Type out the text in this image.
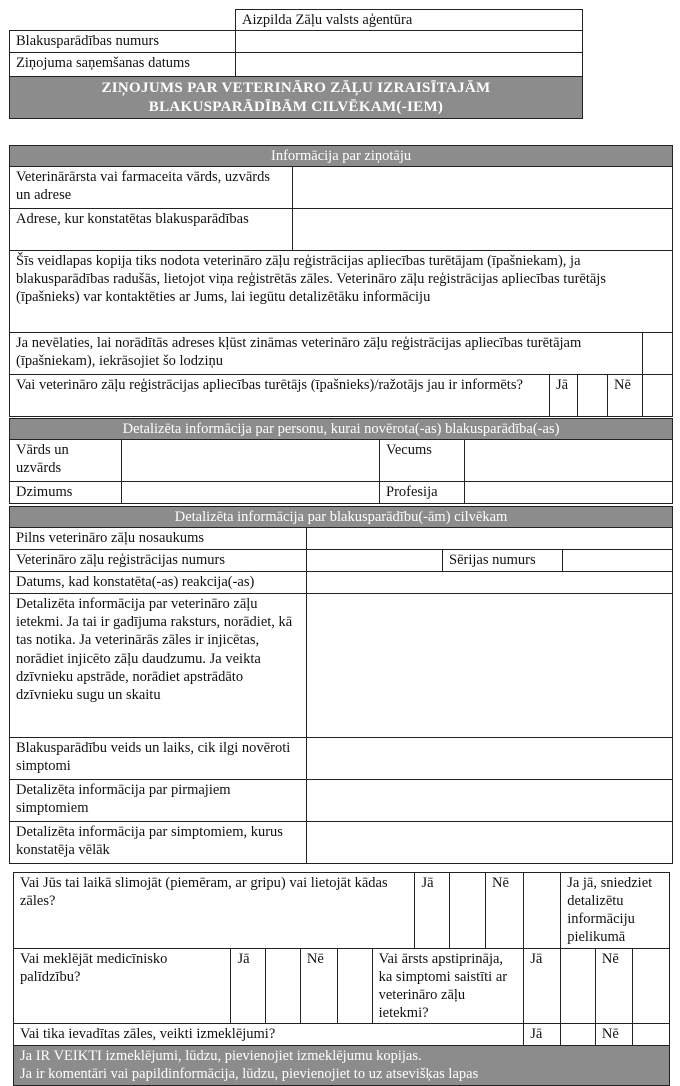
	Aizpilda Zāļu valsts aģentūra
Blakusparādības numurs	
Ziņojuma saņemšanas datums	

ZIŅOJUMS PAR VETERINĀRO ZĀĻU IZRAISĪTAJĀM
BLAKUSPARĀDĪBĀM CILVĒKAM(-IEM)	
Informācija par ziņotāju					
Veterinārārsta vai farmaceita vārds, uzvārds un adrese					
Adrese, kur konstatētas blakusparādības					
Šīs veidlapas kopija tiks nodota veterināro zāļu reģistrācijas apliecības turētājam (īpašniekam), ja blakusparādības radušās, lietojot viņa reģistrētās zāles. Veterināro zāļu reģistrācijas apliecības turētājs (īpašnieks) var kontaktēties ar Jums, lai iegūtu detalizētāku informāciju					
Ja nevēlaties, lai norādītās adreses kļūst zināmas veterināro zāļu reģistrācijas apliecības turētājam (īpašniekam), iekrāsojiet šo lodziņu					
Vai veterināro zāļu reģistrācijas apliecības turētājs (īpašnieks)/ražotājs jau ir informēts?		Jā		Nē	
Detalizēta informācija par personu, kurai novērota(-as) blakusparādība(-as)			
Vārds un uzvārds		Vecums	
Dzimums		Profesija	
Detalizēta informācija par blakusparādību(-ām) cilvēkam			
Pilns veterināro zāļu nosaukums			
Veterināro zāļu reģistrācijas numurs		Sērijas numurs	
Datums, kad konstatēta(-as) reakcija(-as)			
Detalizēta informācija par veterināro zāļu ietekmi. Ja tai ir gadījuma raksturs, norādiet, kā tas notika. Ja veterinārās zāles ir injicētas, norādiet injicēto zāļu daudzumu. Ja veikta dzīvnieku apstrāde, norādiet apstrādāto dzīvnieku sugu un skaitu			
Blakusparādību veids un laiks, cik ilgi novēroti simptomi			
Detalizēta informācija par pirmajiem simptomiem			
Detalizēta informācija par simptomiem, kurus konstatēja vēlāk			
Vai Jūs tai laikā slimojāt (piemēram, ar gripu) vai lietojāt kādas zāles?						Jā		Nē		Ja jā, sniedziet detalizētu informāciju pielikumā		
Vai meklējāt medicīnisko palīdzību?	Jā		Nē		Vai ārsts apstiprināja, ka simptomi saistīti ar veterināro zāļu ietekmi?				Jā		Nē	
Vai tika ievadītas zāles, veikti izmeklējumi?									Jā		Nē	

Ja IR VEIKTI izmeklējumi, lūdzu, pievienojiet izmeklējumu kopijas.
Ja ir komentāri vai papildinformācija, lūdzu, pievienojiet to uz atsevišķas lapas												
